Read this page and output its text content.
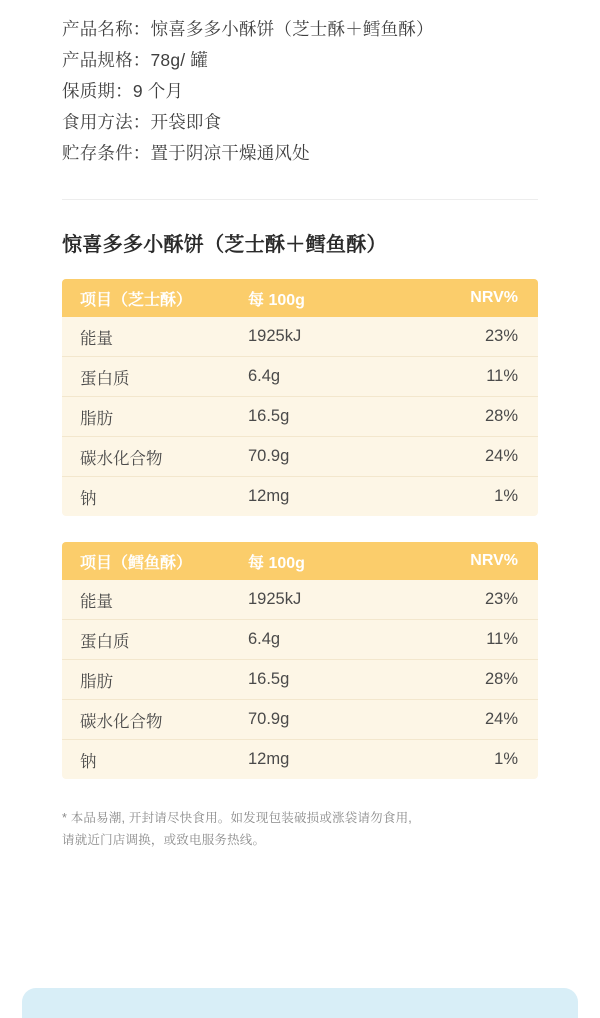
产品名称：惊喜多多小酥饼（芝士酥＋鳕鱼酥）
产品规格：78g/ 罐
保质期：9 个月
食用方法：开袋即食
贮存条件：置于阴凉干燥通风处
惊喜多多小酥饼（芝士酥＋鳕鱼酥）
项目（芝士酥）	每 100g	NRV%
能量	1925kJ	23%
蛋白质	6.4g	11%
脂肪	16.5g	28%
碳水化合物	70.9g	24%
钠	12mg	1%
项目（鳕鱼酥）	每 100g	NRV%
能量	1925kJ	23%
蛋白质	6.4g	11%
脂肪	16.5g	28%
碳水化合物	70.9g	24%
钠	12mg	1%
* 本品易潮, 开封请尽快食用。如发现包装破损或涨袋请勿食用,
请就近门店调换，或致电服务热线。
